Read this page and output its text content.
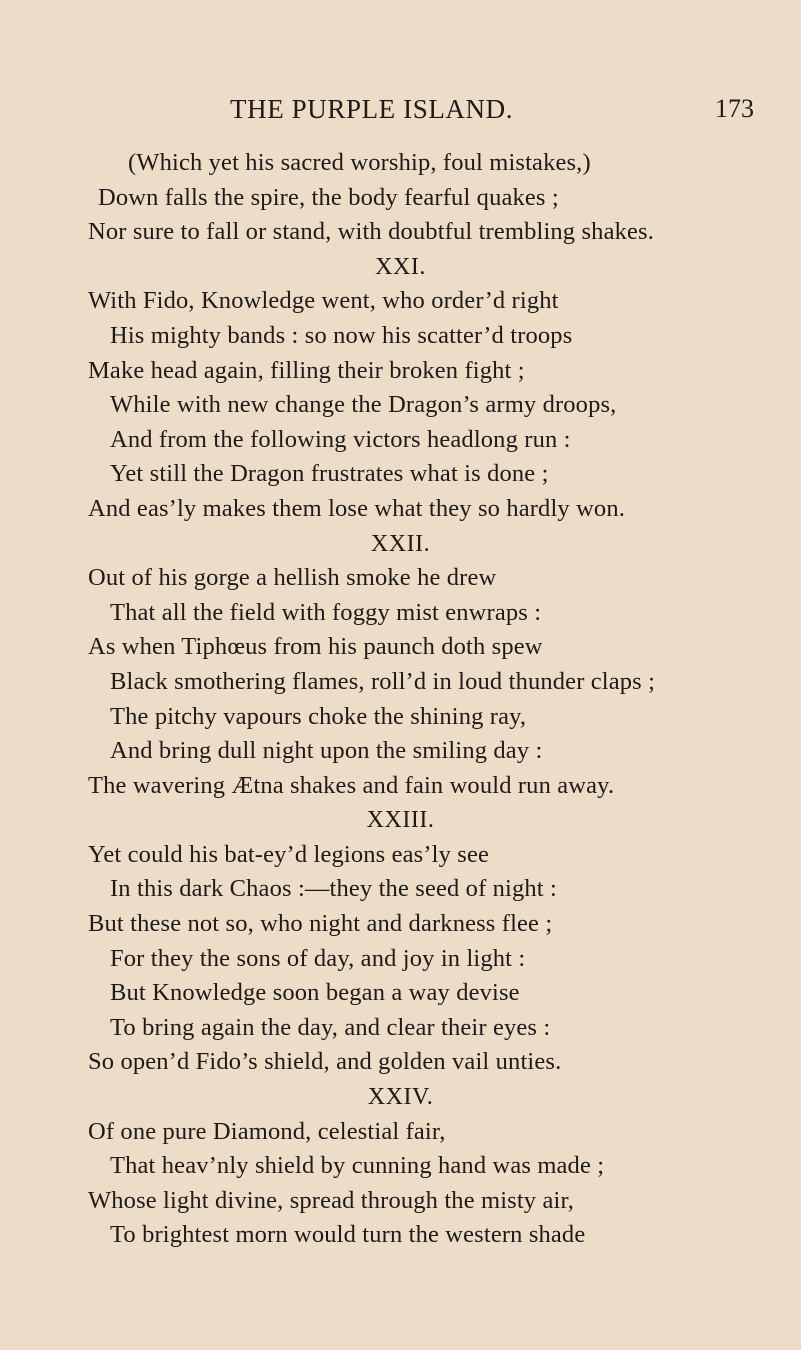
THE PURPLE ISLAND.	173
(Which yet his sacred worship, foul mistakes,)
Down falls the spire, the body fearful quakes ;
Nor sure to fall or stand, with doubtful trembling shakes.
XXI.
With Fido, Knowledge went, who order’d right
His mighty bands : so now his scatter’d troops
Make head again, filling their broken fight ;
While with new change the Dragon’s army droops,
And from the following victors headlong run :
Yet still the Dragon frustrates what is done ;
And eas’ly makes them lose what they so hardly won.
XXII.
Out of his gorge a hellish smoke he drew
That all the field with foggy mist enwraps :
As when Tiphœus from his paunch doth spew
Black smothering flames, roll’d in loud thunder claps ;
The pitchy vapours choke the shining ray,
And bring dull night upon the smiling day :
The wavering Ætna shakes and fain would run away.
XXIII.
Yet could his bat-ey’d legions eas’ly see
In this dark Chaos :—they the seed of night :
But these not so, who night and darkness flee ;
For they the sons of day, and joy in light :
But Knowledge soon began a way devise
To bring again the day, and clear their eyes :
So open’d Fido’s shield, and golden vail unties.
XXIV.
Of one pure Diamond, celestial fair,
That heav’nly shield by cunning hand was made ;
Whose light divine, spread through the misty air,
To brightest morn would turn the western shade
